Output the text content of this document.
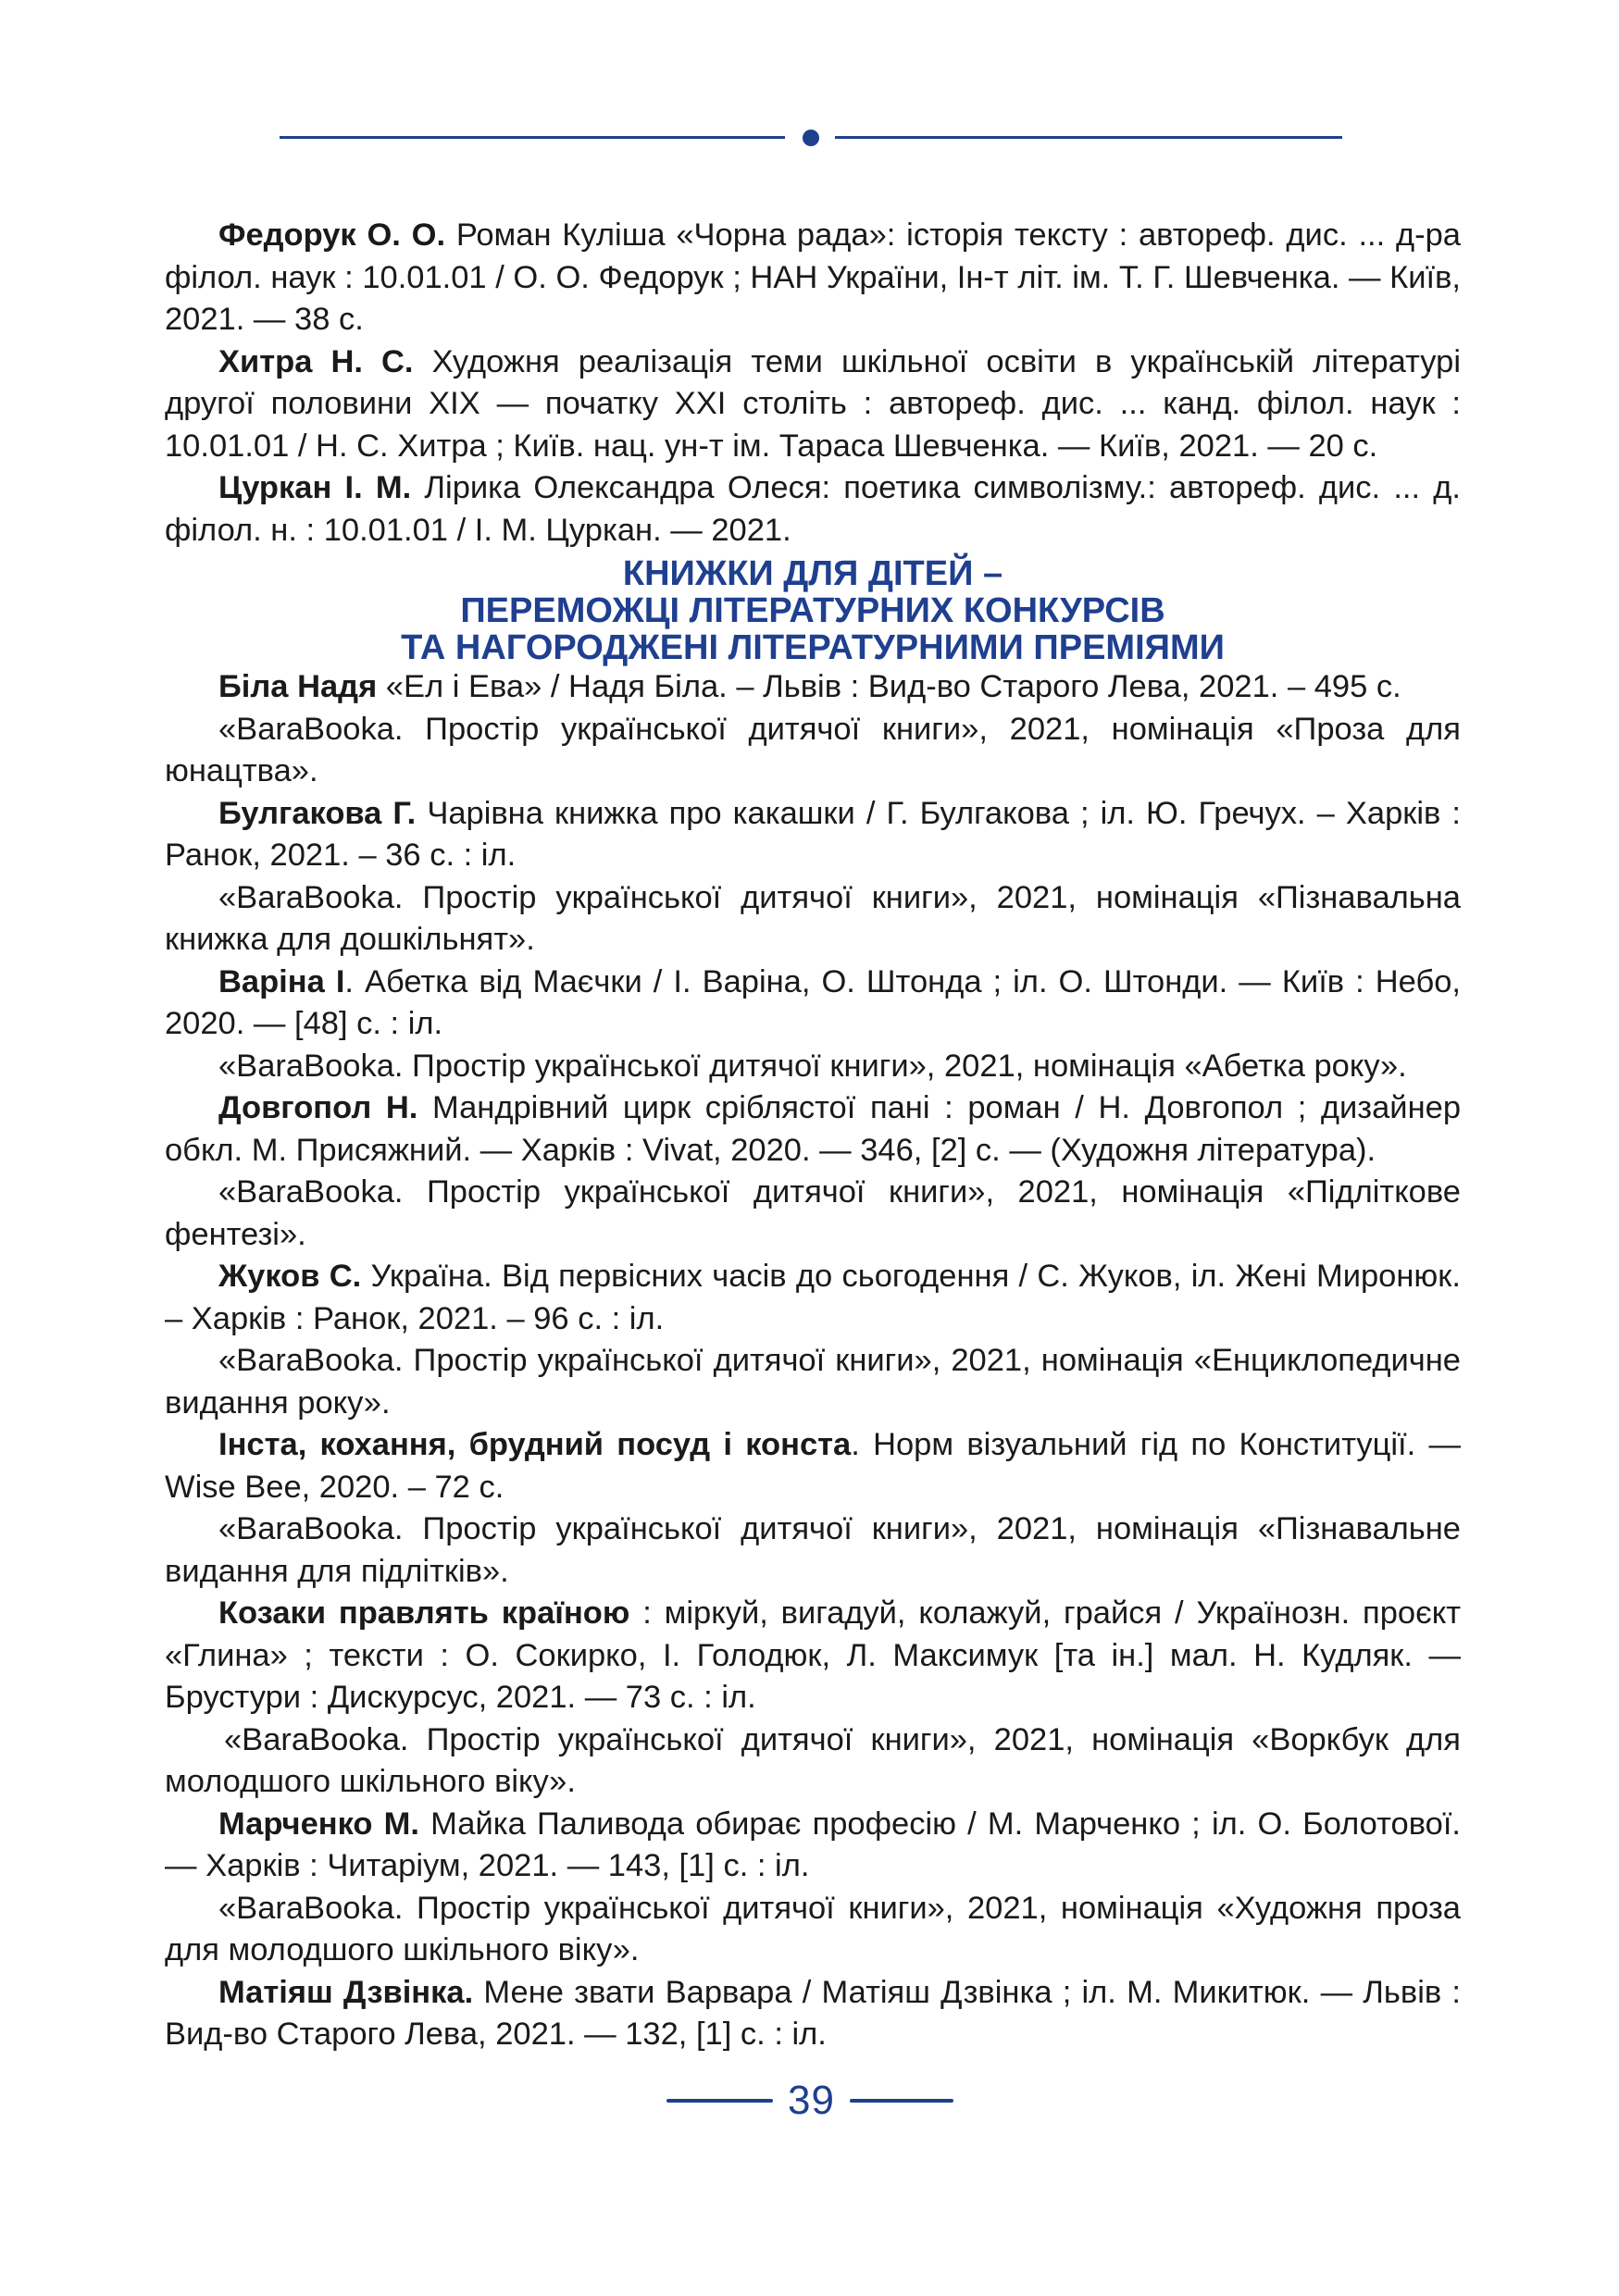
Федорук О. О. Роман Куліша «Чорна рада»: історія тексту : автореф. дис. ... д-ра філол. наук : 10.01.01 / О. О. Федорук ; НАН України, Ін-т літ. ім. Т. Г. Шевченка. — Київ, 2021. — 38 с.

Хитра Н. С. Художня реалізація теми шкільної освіти в українській літературі другої половини XIX — початку XXI століть : автореф. дис. ... канд. філол. наук : 10.01.01 / Н. С. Хитра ; Київ. нац. ун-т ім. Тараса Шевченка. — Київ, 2021. — 20 с.

Цуркан І. М. Лірика Олександра Олеся: поетика символізму.: автореф. дис. ... д. філол. н. : 10.01.01 / І. М. Цуркан. — 2021.

КНИЖКИ ДЛЯ ДІТЕЙ –
ПЕРЕМОЖЦІ ЛІТЕРАТУРНИХ КОНКУРСІВ
ТА НАГОРОДЖЕНІ ЛІТЕРАТУРНИМИ ПРЕМІЯМИ

Біла Надя «Ел і Ева» / Надя Біла. – Львів : Вид-во Старого Лева, 2021. – 495 с.

«BaraBooka. Простір української дитячої книги», 2021, номінація «Проза для юнацтва».

Булгакова Г. Чарівна книжка про какашки / Г. Булгакова ; іл. Ю. Гречух. – Харків : Ранок, 2021. – 36 с. : іл.

«BaraBooka. Простір української дитячої книги», 2021, номінація «Пізнавальна книжка для дошкільнят».

Варіна І. Абетка від Маєчки / І. Варіна, О. Штонда ; іл. О. Штонди. — Київ : Небо, 2020. — [48] с. : іл.

«BaraBooka. Простір української дитячої книги», 2021, номінація «Абетка року».

Довгопол Н. Мандрівний цирк сріблястої пані : роман / Н. Довгопол ; дизайнер обкл. М. Присяжний. — Харків : Vivat, 2020. — 346, [2] с. — (Художня література).

«BaraBooka. Простір української дитячої книги», 2021, номінація «Підліткове фентезі».

Жуков С. Україна. Від первісних часів до сьогодення / С. Жуков, іл. Жені Миронюк. – Харків : Ранок, 2021. – 96 с. : іл.

«BaraBooka. Простір української дитячої книги», 2021, номінація «Енциклопедичне видання року».

Інста, кохання, брудний посуд і конста. Норм візуальний гід по Конституції. — Wise Bee, 2020. – 72 с.

«BaraBooka. Простір української дитячої книги», 2021, номінація «Пізнавальне видання для підлітків».

Козаки правлять країною : міркуй, вигадуй, колажуй, грайся / Українозн. проєкт «Глина» ; тексти : О. Сокирко, І. Голодюк, Л. Максимук [та ін.] мал. Н. Кудляк. — Брустури : Дискурсус, 2021. — 73 с. : іл.

«BaraBooka. Простір української дитячої книги», 2021, номінація «Воркбук для молодшого шкільного віку».

Марченко М. Майка Паливода обирає професію / М. Марченко ; іл. О. Болотової. — Харків : Читаріум, 2021. — 143, [1] с. : іл.

«BaraBooka. Простір української дитячої книги», 2021, номінація «Художня проза для молодшого шкільного віку».

Матіяш Дзвінка. Мене звати Варвара / Матіяш Дзвінка ; іл. М. Микитюк. — Львів : Вид-во Старого Лева, 2021. — 132, [1] с. : іл.

39
